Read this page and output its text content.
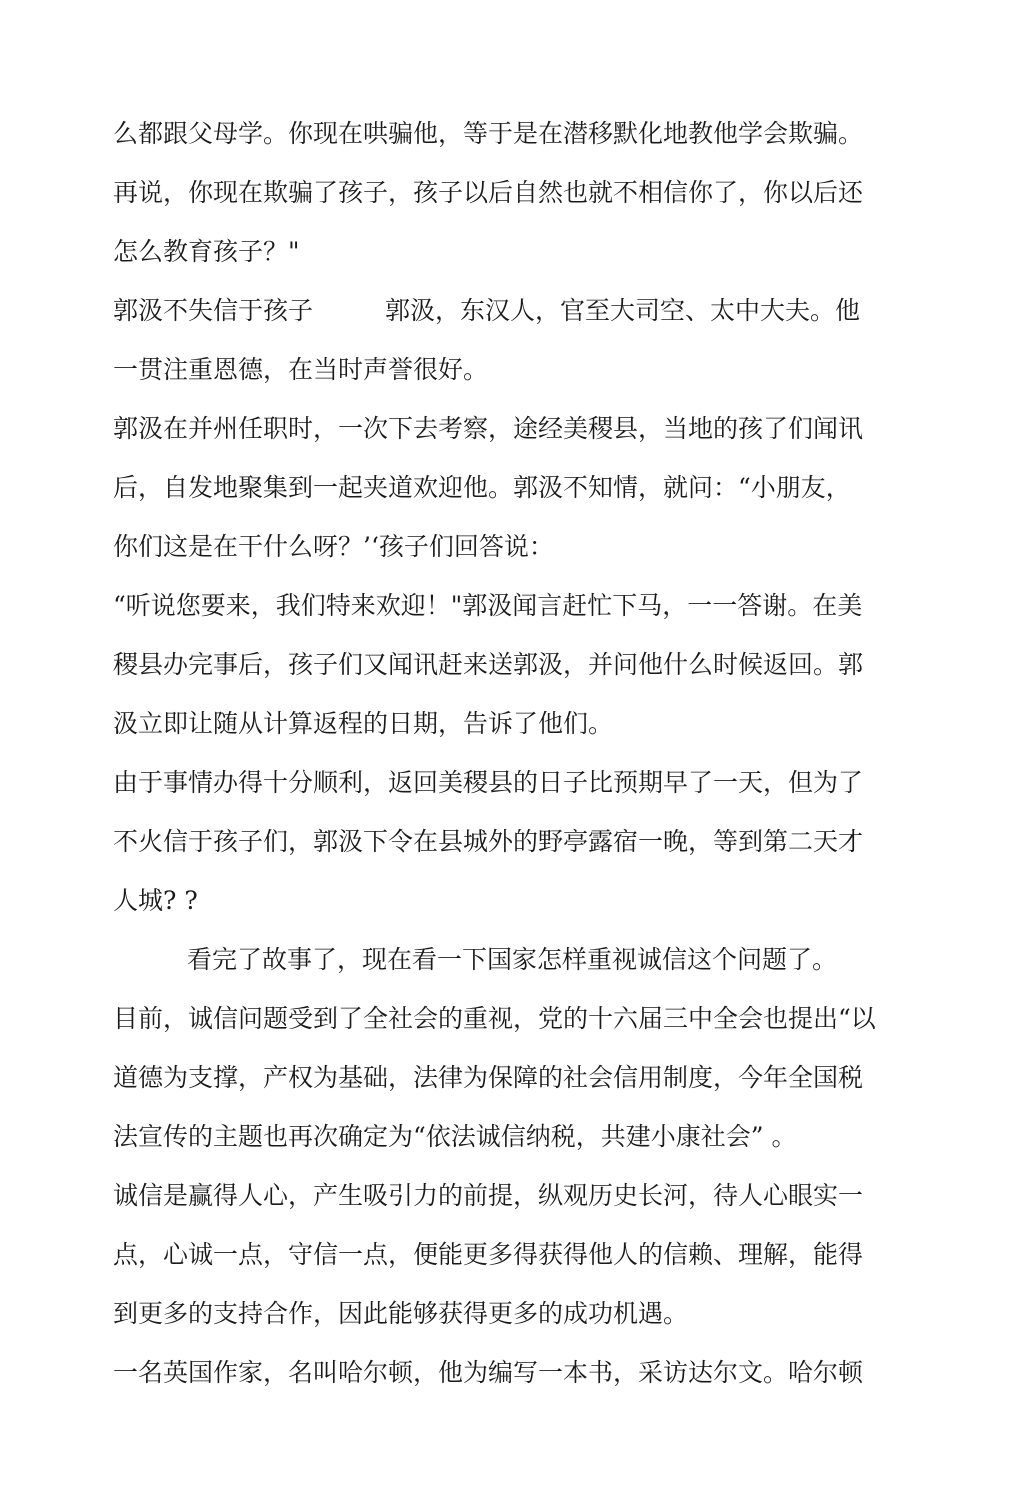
么都跟父母学。你现在哄骗他，等于是在潜移默化地教他学会欺骗。
再说，你现在欺骗了孩子，孩子以后自然也就不相信你了，你以后还
怎么教育孩子？"
郭汲不失信于孩子	郭汲，东汉人，官至大司空、太中大夫。他
一贯注重恩德，在当时声誉很好。
郭汲在并州任职时，一次下去考察，途经美稷县，当地的孩了们闻讯
后，自发地聚集到一起夹道欢迎他。郭汲不知情，就问：“小朋友，
你们这是在干什么呀？’‘孩子们回答说：
“听说您要来，我们特来欢迎！"郭汲闻言赶忙下马，一一答谢。在美
稷县办完事后，孩子们又闻讯赶来送郭汲，并问他什么时候返回。郭
汲立即让随从计算返程的日期，告诉了他们。
由于事情办得十分顺利，返回美稷县的日子比预期早了一天，但为了
不火信于孩子们，郭汲下令在县城外的野亭露宿一晚，等到第二天才
人城? ?
看完了故事了，现在看一下国家怎样重视诚信这个问题了。
目前，诚信问题受到了全社会的重视，党的十六届三中全会也提出“以
道德为支撑，产权为基础，法律为保障的社会信用制度，今年全国税
法宣传的主题也再次确定为“依法诚信纳税，共建小康社会” 。
诚信是赢得人心，产生吸引力的前提，纵观历史长河，待人心眼实一
点，心诚一点，守信一点，便能更多得获得他人的信赖、理解，能得
到更多的支持合作，因此能够获得更多的成功机遇。
一名英国作家，名叫哈尔顿，他为编写一本书，采访达尔文。哈尔顿
